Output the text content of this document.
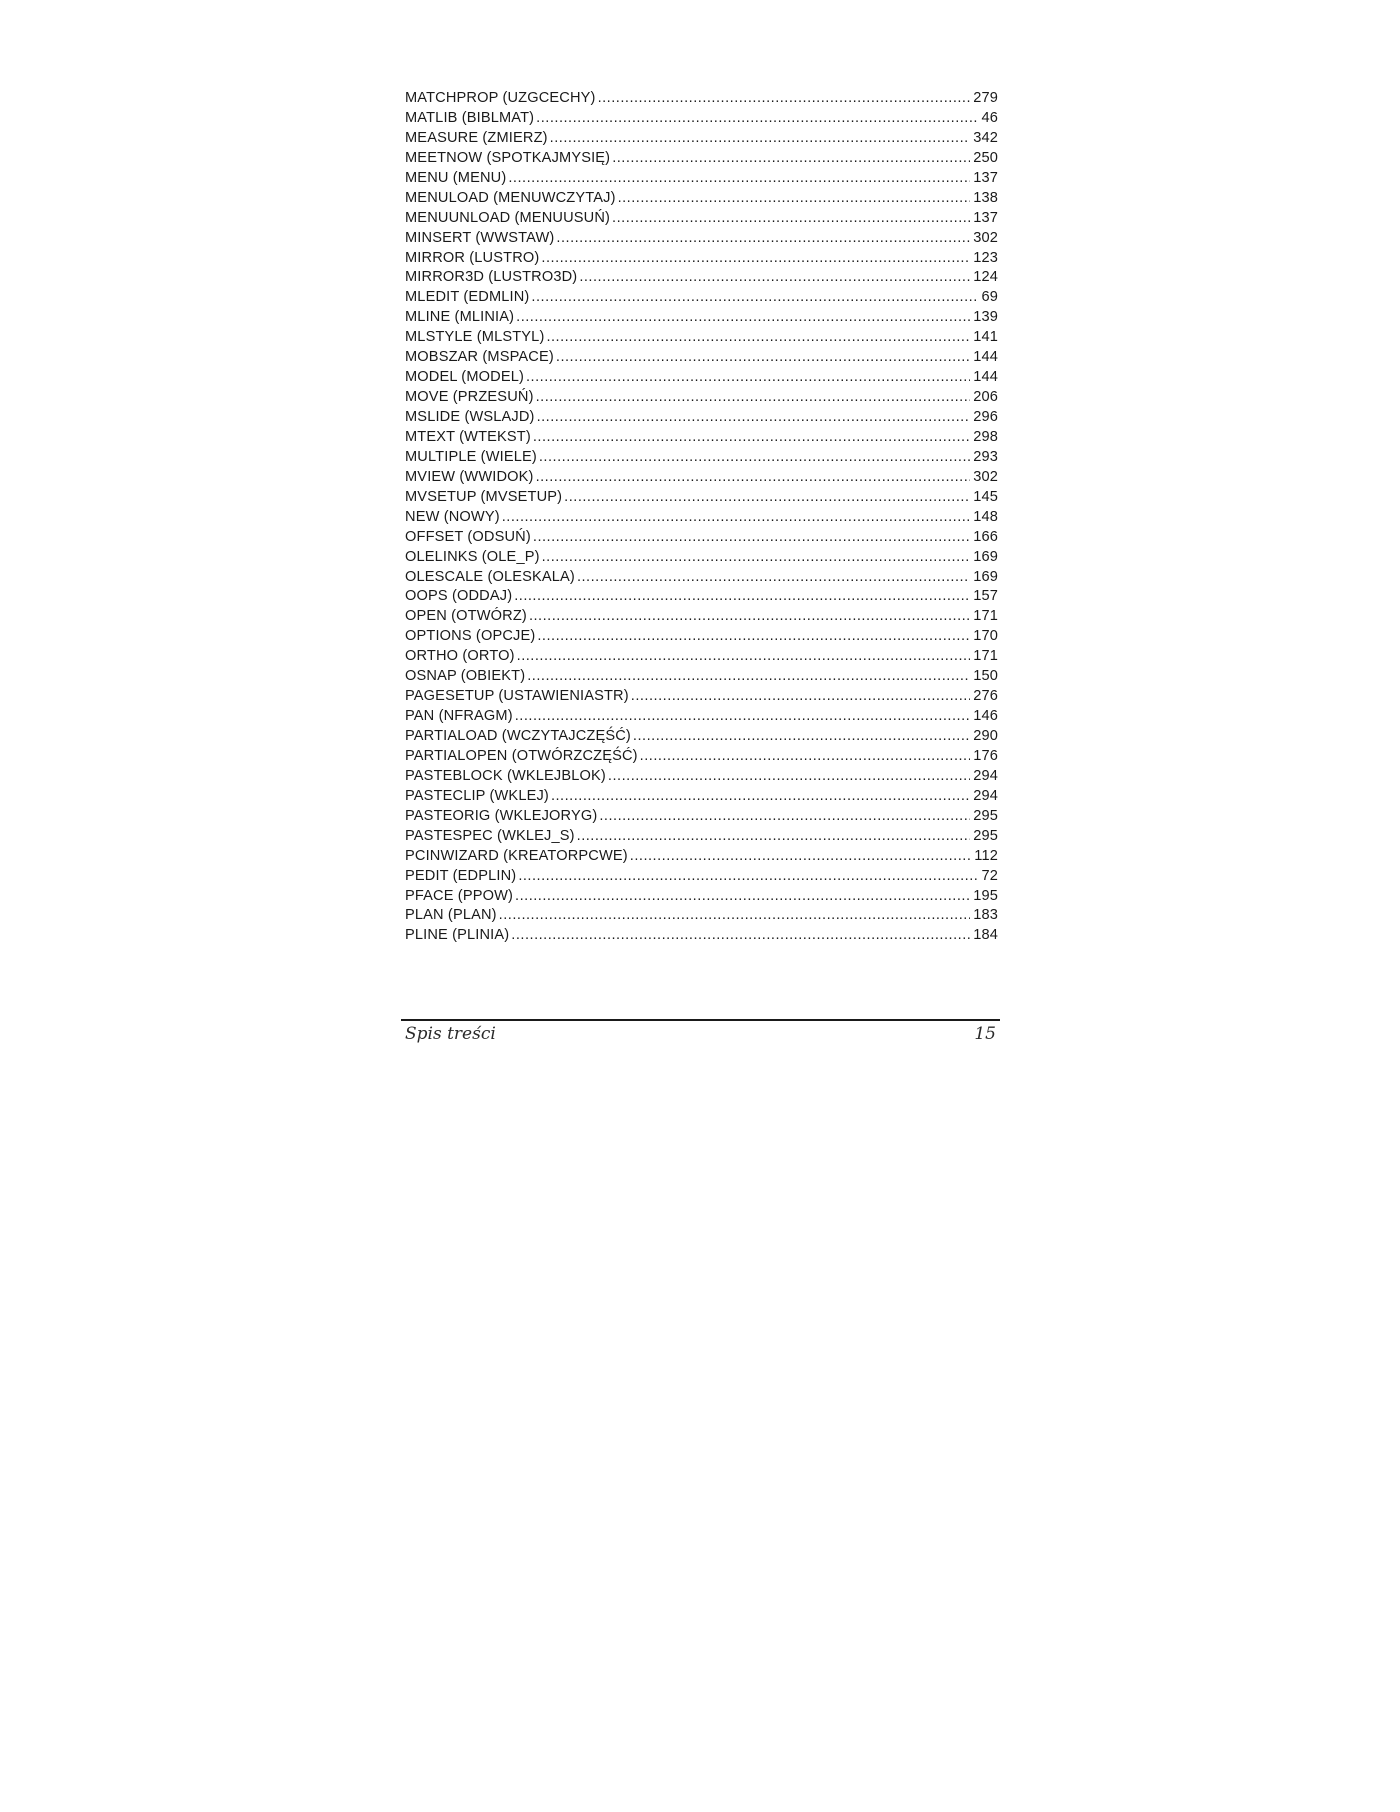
MATCHPROP (UZGCECHY) .....	279
MATLIB (BIBLMAT) .....	46
MEASURE (ZMIERZ) .....	342
MEETNOW (SPOTKAJMYSIĘ) .....	250
MENU (MENU) .....	137
MENULOAD (MENUWCZYTAJ) .....	138
MENUUNLOAD (MENUUSUŃ) .....	137
MINSERT (WWSTAW) .....	302
MIRROR (LUSTRO) .....	123
MIRROR3D (LUSTRO3D) .....	124
MLEDIT (EDMLIN) .....	69
MLINE (MLINIA) .....	139
MLSTYLE (MLSTYL) .....	141
MOBSZAR (MSPACE) .....	144
MODEL (MODEL) .....	144
MOVE (PRZESUŃ) .....	206
MSLIDE (WSLAJD) .....	296
MTEXT (WTEKST) .....	298
MULTIPLE (WIELE) .....	293
MVIEW (WWIDOK) .....	302
MVSETUP (MVSETUP) .....	145
NEW (NOWY) .....	148
OFFSET (ODSUŃ) .....	166
OLELINKS (OLE_P) .....	169
OLESCALE (OLESKALA) .....	169
OOPS (ODDAJ) .....	157
OPEN (OTWÓRZ) .....	171
OPTIONS (OPCJE) .....	170
ORTHO (ORTO) .....	171
OSNAP (OBIEKT) .....	150
PAGESETUP (USTAWIENIASTR) .....	276
PAN (NFRAGM) .....	146
PARTIALOAD (WCZYTAJCZĘŚĆ) .....	290
PARTIALOPEN (OTWÓRZCZĘŚĆ) .....	176
PASTEBLOCK (WKLEJBLOK) .....	294
PASTECLIP (WKLEJ) .....	294
PASTEORIG (WKLEJORYG) .....	295
PASTESPEC (WKLEJ_S) .....	295
PCINWIZARD (KREATORPCWE) .....	112
PEDIT (EDPLIN) .....	72
PFACE (PPOW) .....	195
PLAN (PLAN) .....	183
PLINE (PLINIA) .....	184
Spis treści	15
